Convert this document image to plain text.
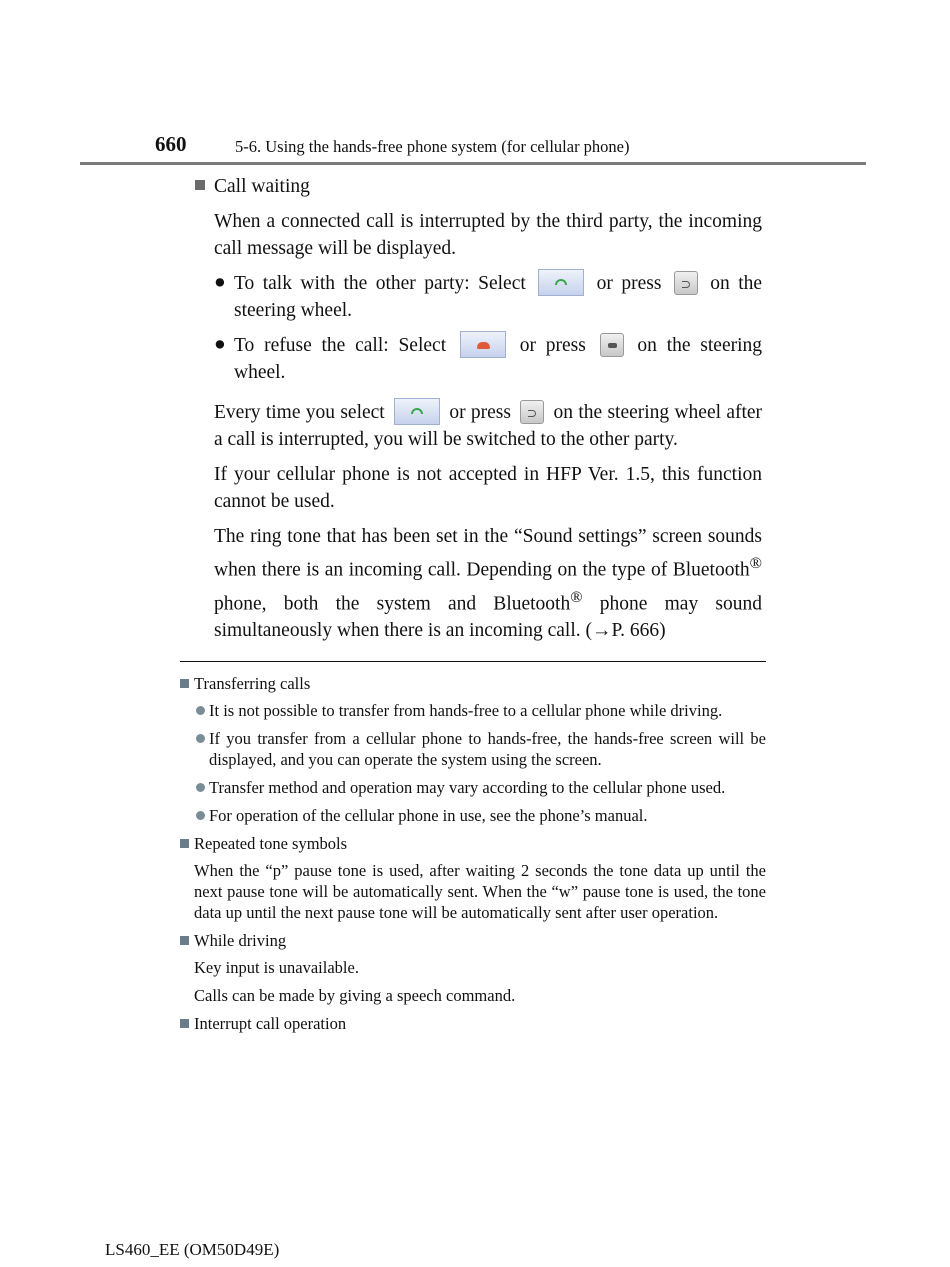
660	5-6. Using the hands-free phone system (for cellular phone)

Call waiting

When a connected call is interrupted by the third party, the incoming call message will be displayed.

● To talk with the other party: Select	or press	on the steering wheel.
● To refuse the call: Select	or press	on the steering wheel.

Every time you select	or press on the steering wheel after a call is interrupted, you will be switched to the other party.

If your cellular phone is not accepted in HFP Ver. 1.5, this function cannot be used.

The ring tone that has been set in the “Sound settings” screen sounds when there is an incoming call. Depending on the type of Bluetooth® phone, both the system and Bluetooth® phone may sound simultaneously when there is an incoming call. (→P. 666)

Transferring calls

It is not possible to transfer from hands-free to a cellular phone while driving.
If you transfer from a cellular phone to hands-free, the hands-free screen will be displayed, and you can operate the system using the screen.
Transfer method and operation may vary according to the cellular phone used.
For operation of the cellular phone in use, see the phone’s manual.

Repeated tone symbols

When the “p” pause tone is used, after waiting 2 seconds the tone data up until the next pause tone will be automatically sent. When the “w” pause tone is used, the tone data up until the next pause tone will be automatically sent after user operation.

While driving

Key input is unavailable.

Calls can be made by giving a speech command.

Interrupt call operation

LS460_EE (OM50D49E)
